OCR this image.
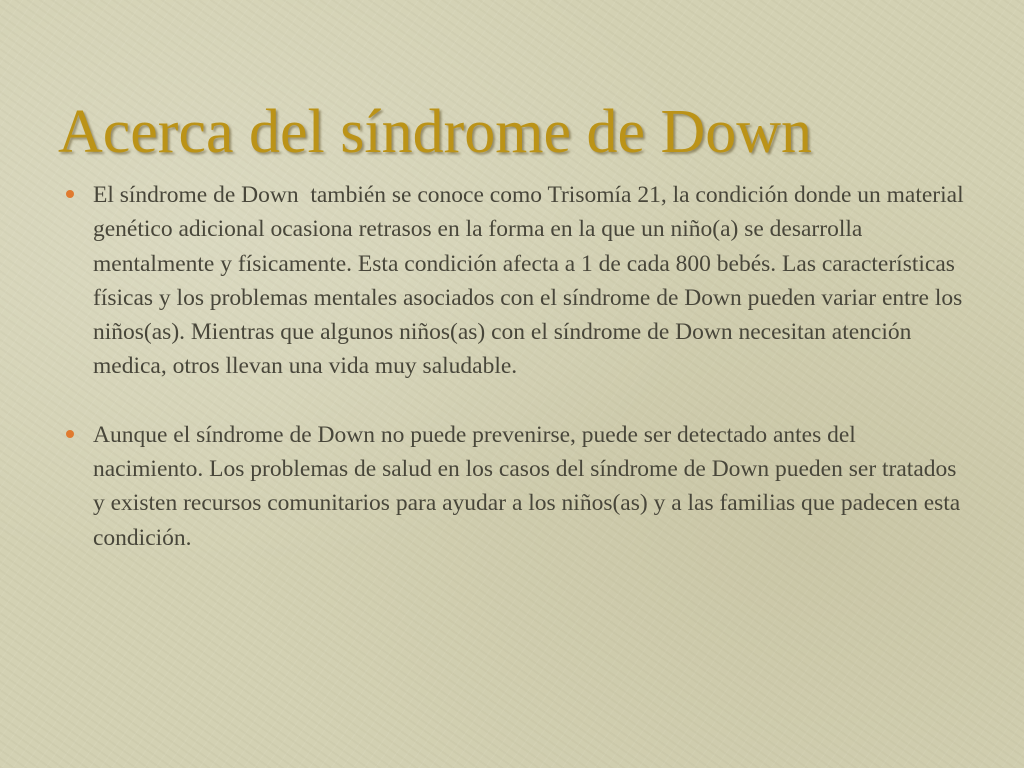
Acerca del síndrome de Down
El síndrome de Down  también se conoce como Trisomía 21, la condición donde un material genético adicional ocasiona retrasos en la forma en la que un niño(a) se desarrolla mentalmente y físicamente. Esta condición afecta a 1 de cada 800 bebés. Las características físicas y los problemas mentales asociados con el síndrome de Down pueden variar entre los niños(as). Mientras que algunos niños(as) con el síndrome de Down necesitan atención medica, otros llevan una vida muy saludable.
Aunque el síndrome de Down no puede prevenirse, puede ser detectado antes del nacimiento. Los problemas de salud en los casos del síndrome de Down pueden ser tratados y existen recursos comunitarios para ayudar a los niños(as) y a las familias que padecen esta condición.
